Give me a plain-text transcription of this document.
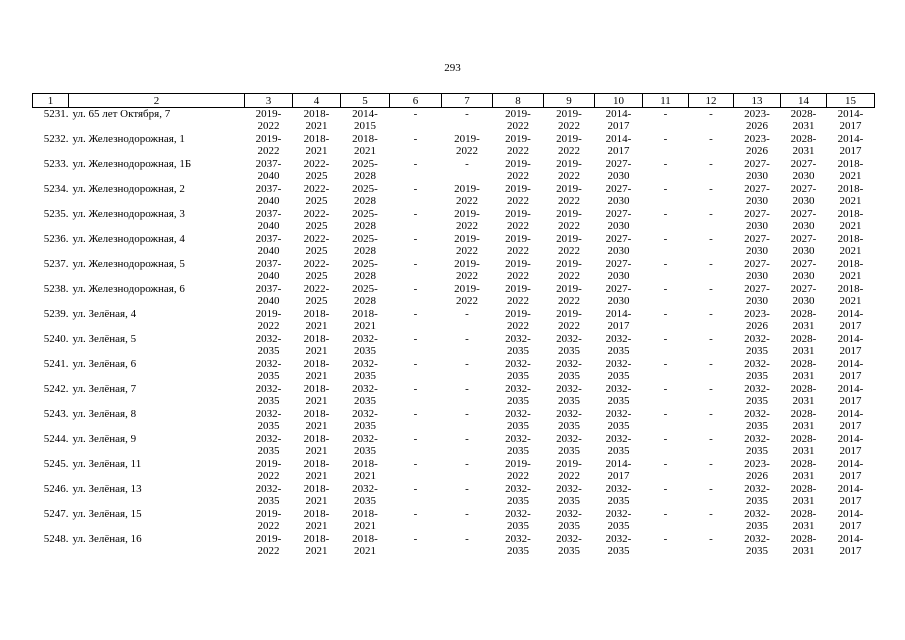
293
1	2	3	4	5	6	7	8	9	10	11	12	13	14	15
5231. ул. 65 лет Октября, 7		2019-2022	2018-2021	2014-2015	-	-	2019-2022	2019-2022	2014-2017	-	-	2023-2026	2028-2031	2014-2017

5232. ул. Железнодорожная, 1		2019-2022	2018-2021	2018-2021	-	2019-2022	2019-2022	2019-2022	2014-2017	-	-	2023-2026	2028-2031	2014-2017

5233. ул. Железнодорожная, 1Б		2037-2040	2022-2025	2025-2028	-	-	2019-2022	2019-2022	2027-2030	-	-	2027-2030	2027-2030	2018-2021

5234. ул. Железнодорожная, 2		2037-2040	2022-2025	2025-2028	-	2019-2022	2019-2022	2019-2022	2027-2030	-	-	2027-2030	2027-2030	2018-2021

5235. ул. Железнодорожная, 3		2037-2040	2022-2025	2025-2028	-	2019-2022	2019-2022	2019-2022	2027-2030	-	-	2027-2030	2027-2030	2018-2021

5236. ул. Железнодорожная, 4		2037-2040	2022-2025	2025-2028	-	2019-2022	2019-2022	2019-2022	2027-2030	-	-	2027-2030	2027-2030	2018-2021

5237. ул. Железнодорожная, 5		2037-2040	2022-2025	2025-2028	-	2019-2022	2019-2022	2019-2022	2027-2030	-	-	2027-2030	2027-2030	2018-2021

5238. ул. Железнодорожная, 6		2037-2040	2022-2025	2025-2028	-	2019-2022	2019-2022	2019-2022	2027-2030	-	-	2027-2030	2027-2030	2018-2021

5239. ул. Зелёная, 4		2019-2022	2018-2021	2018-2021	-	-	2019-2022	2019-2022	2014-2017	-	-	2023-2026	2028-2031	2014-2017

5240. ул. Зелёная, 5		2032-2035	2018-2021	2032-2035	-	-	2032-2035	2032-2035	2032-2035	-	-	2032-2035	2028-2031	2014-2017

5241. ул. Зелёная, 6		2032-2035	2018-2021	2032-2035	-	-	2032-2035	2032-2035	2032-2035	-	-	2032-2035	2028-2031	2014-2017

5242. ул. Зелёная, 7		2032-2035	2018-2021	2032-2035	-	-	2032-2035	2032-2035	2032-2035	-	-	2032-2035	2028-2031	2014-2017

5243. ул. Зелёная, 8		2032-2035	2018-2021	2032-2035	-	-	2032-2035	2032-2035	2032-2035	-	-	2032-2035	2028-2031	2014-2017

5244. ул. Зелёная, 9		2032-2035	2018-2021	2032-2035	-	-	2032-2035	2032-2035	2032-2035	-	-	2032-2035	2028-2031	2014-2017

5245. ул. Зелёная, 11		2019-2022	2018-2021	2018-2021	-	-	2019-2022	2019-2022	2014-2017	-	-	2023-2026	2028-2031	2014-2017

5246. ул. Зелёная, 13		2032-2035	2018-2021	2032-2035	-	-	2032-2035	2032-2035	2032-2035	-	-	2032-2035	2028-2031	2014-2017

5247. ул. Зелёная, 15		2019-2022	2018-2021	2018-2021	-	-	2032-2035	2032-2035	2032-2035	-	-	2032-2035	2028-2031	2014-2017

5248. ул. Зелёная, 16		2019-2022	2018-2021	2018-2021	-	-	2032-2035	2032-2035	2032-2035	-	-	2032-2035	2028-2031	2014-2017
